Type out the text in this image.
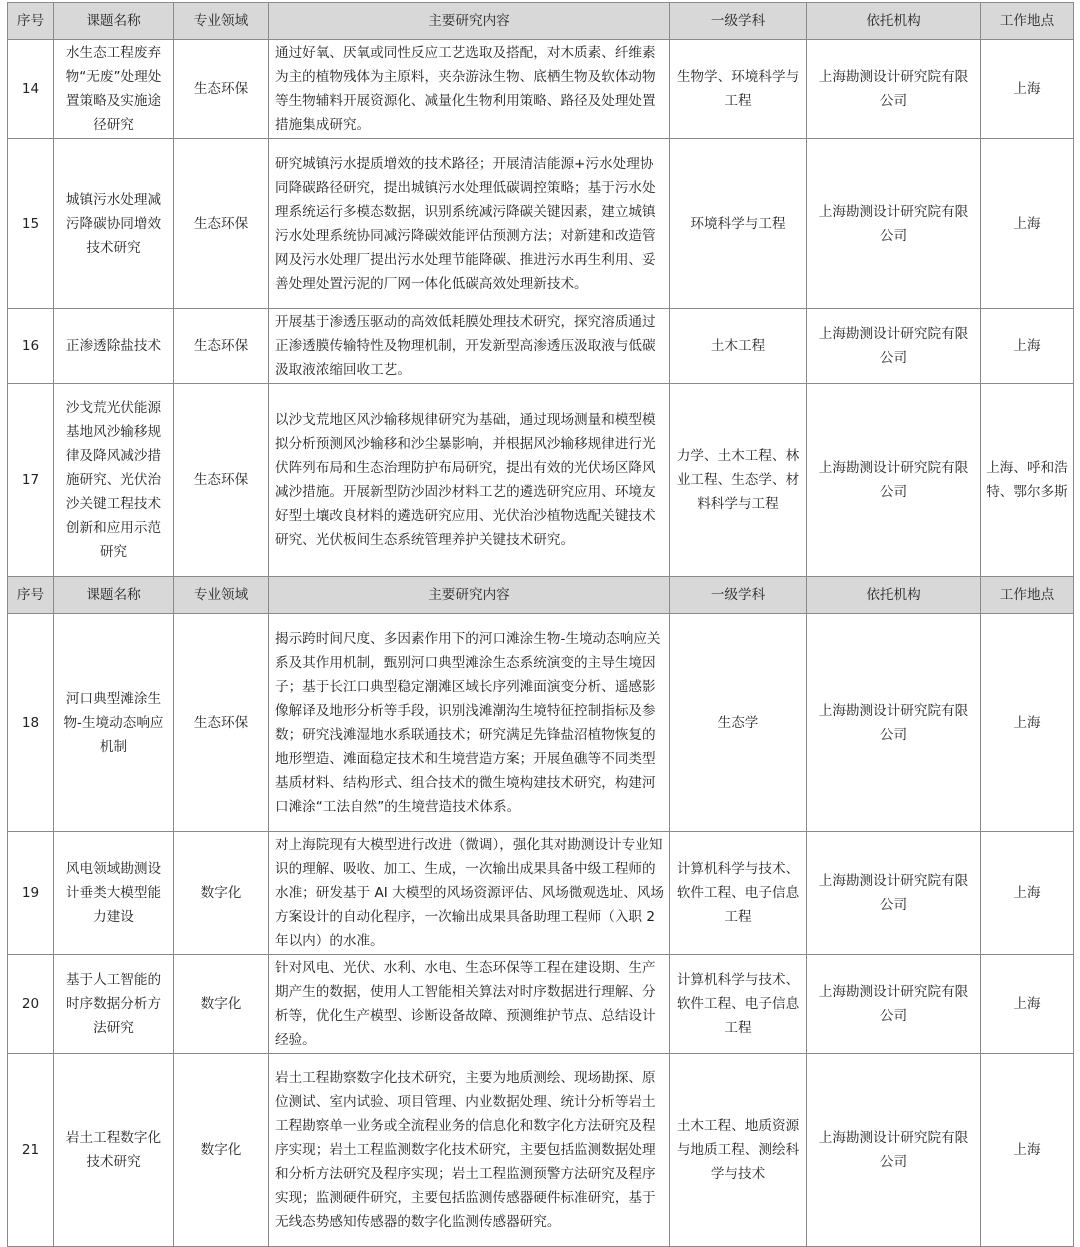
序号	课题名称	专业领域	主要研究内容	一级学科	依托机构	工作地点
14	水生态工程废弃物“无废”处理处置策略及实施途径研究	生态环保	通过好氧、厌氧或同性反应工艺选取及搭配，对木质素、纤维素为主的植物残体为主原料，夹杂游泳生物、底栖生物及软体动物等生物辅料开展资源化、减量化生物利用策略、路径及处理处置措施集成研究。	生物学、环境科学与工程	上海勘测设计研究院有限公司	上海
15	城镇污水处理减污降碳协同增效技术研究	生态环保	研究城镇污水提质增效的技术路径；开展清洁能源+污水处理协同降碳路径研究，提出城镇污水处理低碳调控策略；基于污水处理系统运行多模态数据，识别系统减污降碳关键因素，建立城镇污水处理系统协同减污降碳效能评估预测方法；对新建和改造管网及污水处理厂提出污水处理节能降碳、推进污水再生利用、妥善处理处置污泥的厂网一体化低碳高效处理新技术。	环境科学与工程	上海勘测设计研究院有限公司	上海
16	正渗透除盐技术	生态环保	开展基于渗透压驱动的高效低耗膜处理技术研究，探究溶质通过正渗透膜传输特性及物理机制，开发新型高渗透压汲取液与低碳汲取液浓缩回收工艺。	土木工程	上海勘测设计研究院有限公司	上海
17	沙戈荒光伏能源基地风沙输移规律及降风减沙措施研究、光伏治沙关键工程技术创新和应用示范研究	生态环保	以沙戈荒地区风沙输移规律研究为基础，通过现场测量和模型模拟分析预测风沙输移和沙尘暴影响，并根据风沙输移规律进行光伏阵列布局和生态治理防护布局研究，提出有效的光伏场区降风减沙措施。开展新型防沙固沙材料工艺的遴选研究应用、环境友好型土壤改良材料的遴选研究应用、光伏治沙植物选配关键技术研究、光伏板间生态系统管理养护关键技术研究。	力学、土木工程、林业工程、生态学、材料科学与工程	上海勘测设计研究院有限公司	上海、呼和浩特、鄂尔多斯
序号	课题名称	专业领域	主要研究内容	一级学科	依托机构	工作地点
18	河口典型滩涂生物-生境动态响应机制	生态环保	揭示跨时间尺度、多因素作用下的河口滩涂生物-生境动态响应关系及其作用机制，甄别河口典型滩涂生态系统演变的主导生境因子；基于长江口典型稳定潮滩区域长序列滩面演变分析、遥感影像解译及地形分析等手段，识别浅滩潮沟生境特征控制指标及参数；研究浅滩湿地水系联通技术；研究满足先锋盐沼植物恢复的地形塑造、滩面稳定技术和生境营造方案；开展鱼礁等不同类型基质材料、结构形式、组合技术的微生境构建技术研究，构建河口滩涂“工法自然”的生境营造技术体系。	生态学	上海勘测设计研究院有限公司	上海
19	风电领域勘测设计垂类大模型能力建设	数字化	对上海院现有大模型进行改进（微调），强化其对勘测设计专业知识的理解、吸收、加工、生成，一次输出成果具备中级工程师的水准；研发基于 AI 大模型的风场资源评估、风场微观选址、风场方案设计的自动化程序，一次输出成果具备助理工程师（入职 2 年以内）的水准。	计算机科学与技术、软件工程、电子信息工程	上海勘测设计研究院有限公司	上海
20	基于人工智能的时序数据分析方法研究	数字化	针对风电、光伏、水利、水电、生态环保等工程在建设期、生产期产生的数据，使用人工智能相关算法对时序数据进行理解、分析等，优化生产模型、诊断设备故障、预测维护节点、总结设计经验。	计算机科学与技术、软件工程、电子信息工程	上海勘测设计研究院有限公司	上海
21	岩土工程数字化技术研究	数字化	岩土工程勘察数字化技术研究，主要为地质测绘、现场勘探、原位测试、室内试验、项目管理、内业数据处理、统计分析等岩土工程勘察单一业务或全流程业务的信息化和数字化方法研究及程序实现；岩土工程监测数字化技术研究，主要包括监测数据处理和分析方法研究及程序实现；岩土工程监测预警方法研究及程序实现；监测硬件研究，主要包括监测传感器硬件标准研究，基于无线态势感知传感器的数字化监测传感器研究。	土木工程、地质资源与地质工程、测绘科学与技术	上海勘测设计研究院有限公司	上海
